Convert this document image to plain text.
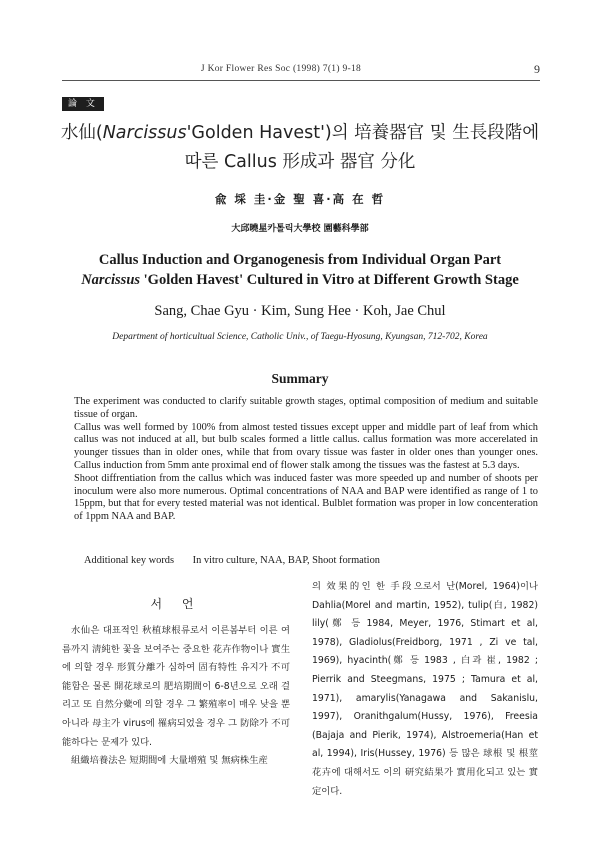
J Kor Flower Res Soc (1998) 7(1) 9-18	9
論 文
水仙(Narcissus'Golden Havest')의 培養器官 및 生長段階에
따른 Callus 形成과 器官 分化
兪 埰 圭·金 聖 喜·高 在 哲
大邱曉星카톨릭大學校 園藝科學部
Callus Induction and Organogenesis from Individual Organ Part
Narcissus 'Golden Havest' Cultured in Vitro at Different Growth Stage
Sang, Chae Gyu · Kim, Sung Hee · Koh, Jae Chul
Department of horticultual Science, Catholic Univ., of Taegu-Hyosung, Kyungsan, 712-702, Korea
Summary

The experiment was conducted to clarify suitable growth stages, optimal composition of medium and suitable tissue of organ.

Callus was well formed by 100% from almost tested tissues except upper and middle part of leaf from which callus was not induced at all, but bulb scales formed a little callus. callus formation was more accerelated in younger tissues than in older ones, while that from ovary tissue was faster in older ones than younger ones. Callus induction from 5mm ante proximal end of flower stalk among the tissues was the fastest at 5.3 days.

Shoot diffrentiation from the callus which was induced faster was more speeded up and number of shoots per inoculum were also more numerous. Optimal concentrations of NAA and BAP were identified as range of 1 to 15ppm, but that for every tested material was not identical. Bulblet formation was proper in low concenteration of 1ppm NAA and BAP.

Additional key words In vitro culture, NAA, BAP, Shoot formation
서 언

水仙은 대표적인 秋植球根류로서 이른봄부터 이른 여름까지 淸純한 꽃을 보여주는 중요한 花卉作物이나 實生에 의할 경우 形質分離가 심하여 固有特性 유지가 不可能함은 물론 開花球로의 肥培期間이 6-8년으로 오래 걸리고 또 自然分蘗에 의할 경우 그 繁殖率이 매우 낮을 뿐 아니라 母主가 virus에 罹病되었을 경우 그 防除가 不可能하다는 문제가 있다.

組織培養法은 短期間에 大量增殖 및 無病株生産

의 效果的인 한 手段으로서 난(Morel, 1964)이나 Dahlia(Morel and martin, 1952), tulip(白, 1982) lily(鄭 등 1984, Meyer, 1976, Stimart et al, 1978), Gladiolus(Freidborg, 1971 , Zi ve tal, 1969), hyacinth(鄭 등 1983 , 白과 崔, 1982 ; Pierrik and Steegmans, 1975 ; Tamura et al, 1971), amarylis(Yanagawa and Sakanislu, 1997), Oranithgalum(Hussy, 1976), Freesia (Bajaja and Pierik, 1974), Alstroemeria(Han et al, 1994), Iris(Hussey, 1976) 등 많은 球根 및 根莖 花卉에 대해서도 이의 研究結果가 實用化되고 있는 實定이다.
